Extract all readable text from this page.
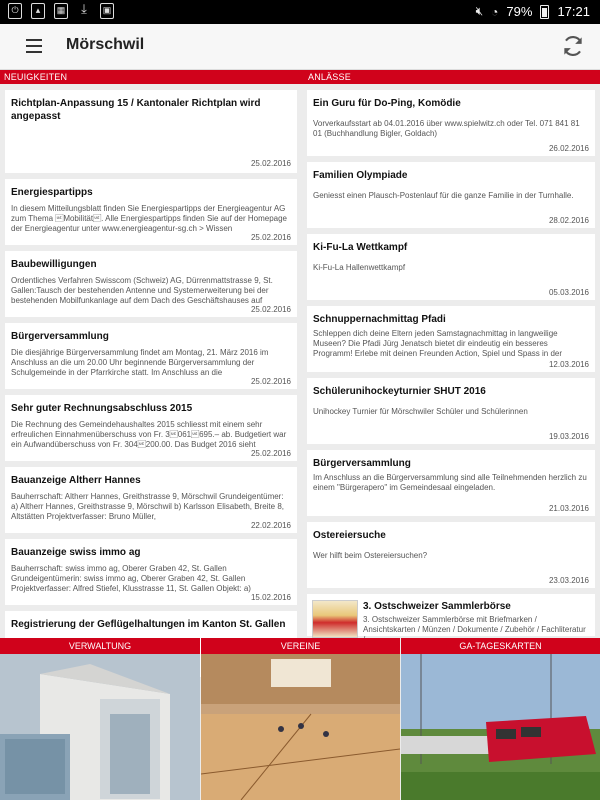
⏻	▴	▦	⤓	▣	🔇︎ ◔ 79% 17:21
Mörschwil
NEUIGKEITEN
Richtplan-Anpassung 15 / Kantonaler Richtplan wird angepasst
25.02.2016
Energiespartipps
In diesem Mitteilungsblatt finden Sie Energiespartipps der Energieagentur AG zum Thema Mobilität. Alle Energiespartipps finden Sie auf der Homepage der Energieagentur unter www.energieagentur-sg.ch > Wissen
25.02.2016
Baubewilligungen
Ordentliches Verfahren Swisscom (Schweiz) AG, Dürrenmattstrasse 9, St. Gallen:Tausch der bestehenden Antenne und Systemerweiterung bei der bestehenden Mobilfunkanlage auf dem Dach des Geschäftshauses auf
25.02.2016
Bürgerversammlung
Die diesjährige Bürgerversammlung findet am Montag, 21. März 2016 im Anschluss an die um 20.00 Uhr beginnende Bürgerversammlung der Schulgemeinde in der Pfarrkirche statt. Im Anschluss an die
25.02.2016
Sehr guter Rechnungsabschluss 2015
Die Rechnung des Gemeindehaushaltes 2015 schliesst mit einem sehr erfreulichen Einnahmenüberschuss von Fr. 3061695.– ab. Budgetiert war ein Aufwandüberschuss von Fr. 304200.00. Das Budget 2016 sieht
25.02.2016
Bauanzeige Altherr Hannes
Bauherrschaft: Altherr Hannes, Greithstrasse 9, Mörschwil Grundeigentümer: a) Altherr Hannes, Greithstrasse 9, Mörschwil b) Karlsson Elisabeth, Breite 8, Altstätten Projektverfasser: Bruno Müller,
22.02.2016
Bauanzeige swiss immo ag
Bauherrschaft: swiss immo ag, Oberer Graben 42, St. Gallen Grundeigentümerin: swiss immo ag, Oberer Graben 42, St. Gallen Projektverfasser: Alfred Stiefel, Klusstrasse 11, St. Gallen Objekt: a)
15.02.2016
Registrierung der Geflügelhaltungen im Kanton St. Gallen
ANLÄSSE
Ein Guru für Do-Ping, Komödie
Vorverkaufsstart ab 04.01.2016 über www.spielwitz.ch oder Tel. 071 841 81 01 (Buchhandlung Bigler, Goldach)
26.02.2016
Familien Olympiade
Geniesst einen Plausch-Postenlauf für die ganze Familie in der Turnhalle.
28.02.2016
Ki-Fu-La Wettkampf
Ki-Fu-La Hallenwettkampf
05.03.2016
Schnuppernachmittag Pfadi
Schleppen dich deine Eltern jeden Samstagnachmittag in langweilige Museen? Die Pfadi Jürg Jenatsch bietet dir eindeutig ein besseres Programm! Erlebe mit deinen Freunden Action, Spiel und Spass in der
12.03.2016
Schülerunihockeyturnier SHUT 2016
Unihockey Turnier für Mörschwiler Schüler und Schülerinnen
19.03.2016
Bürgerversammlung
Im Anschluss an die Bürgerversammlung sind alle Teilnehmenden herzlich zu einem "Bürgerapero" im Gemeindesaal eingeladen.
21.03.2016
Ostereiersuche
Wer hilft beim Ostereiersuchen?
23.03.2016
3. Ostschweizer Sammlerbörse
3. Ostschweizer Sammlerbörse mit Briefmarken / Ansichtskarten / Münzen / Dokumente / Zubehör / Fachliteratur
VERWALTUNG	VEREINE	GA-TAGESKARTEN
